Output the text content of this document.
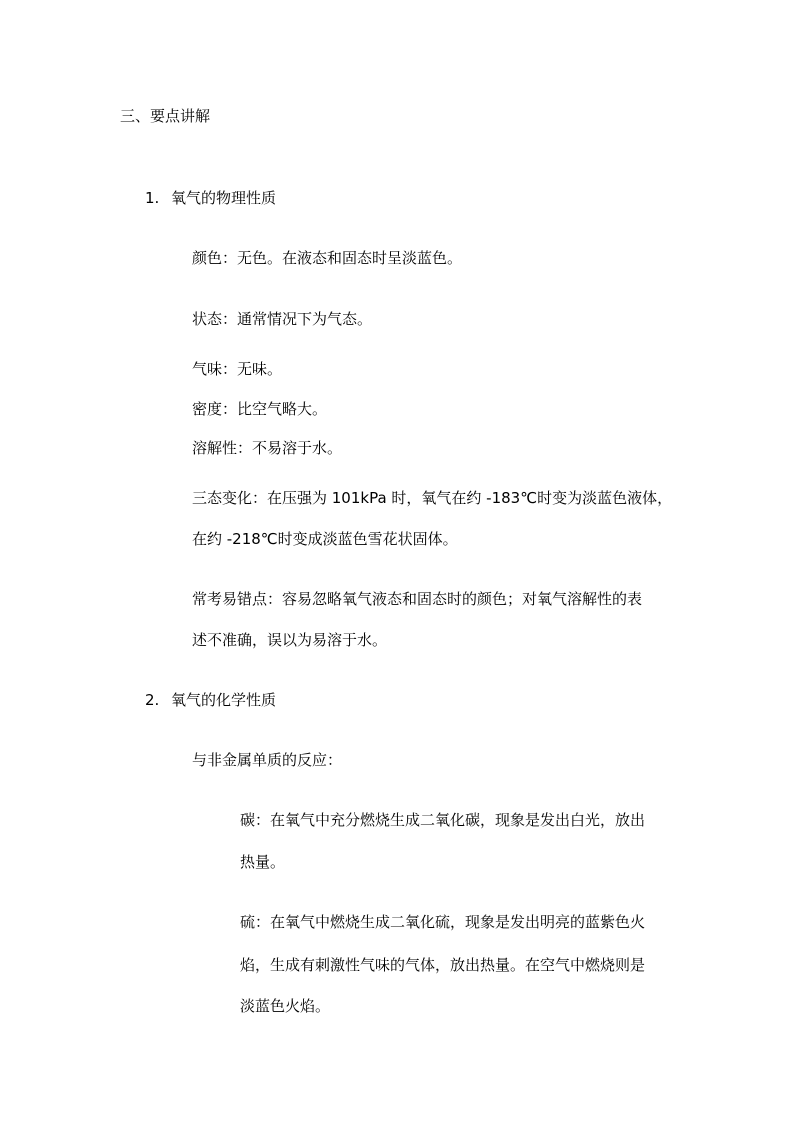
三、要点讲解
1. 氧气的物理性质

颜色：无色。在液态和固态时呈淡蓝色。

状态：通常情况下为气态。

气味：无味。

密度：比空气略大。

溶解性：不易溶于水。

三态变化：在压强为 101kPa 时，氧气在约 -183℃时变为淡蓝色液体，

在约 -218℃时变成淡蓝色雪花状固体。

常考易错点：容易忽略氧气液态和固态时的颜色；对氧气溶解性的表

述不准确，误以为易溶于水。

2. 氧气的化学性质

与非金属单质的反应：

碳：在氧气中充分燃烧生成二氧化碳，现象是发出白光，放出

热量。

硫：在氧气中燃烧生成二氧化硫，现象是发出明亮的蓝紫色火

焰，生成有刺激性气味的气体，放出热量。在空气中燃烧则是

淡蓝色火焰。
